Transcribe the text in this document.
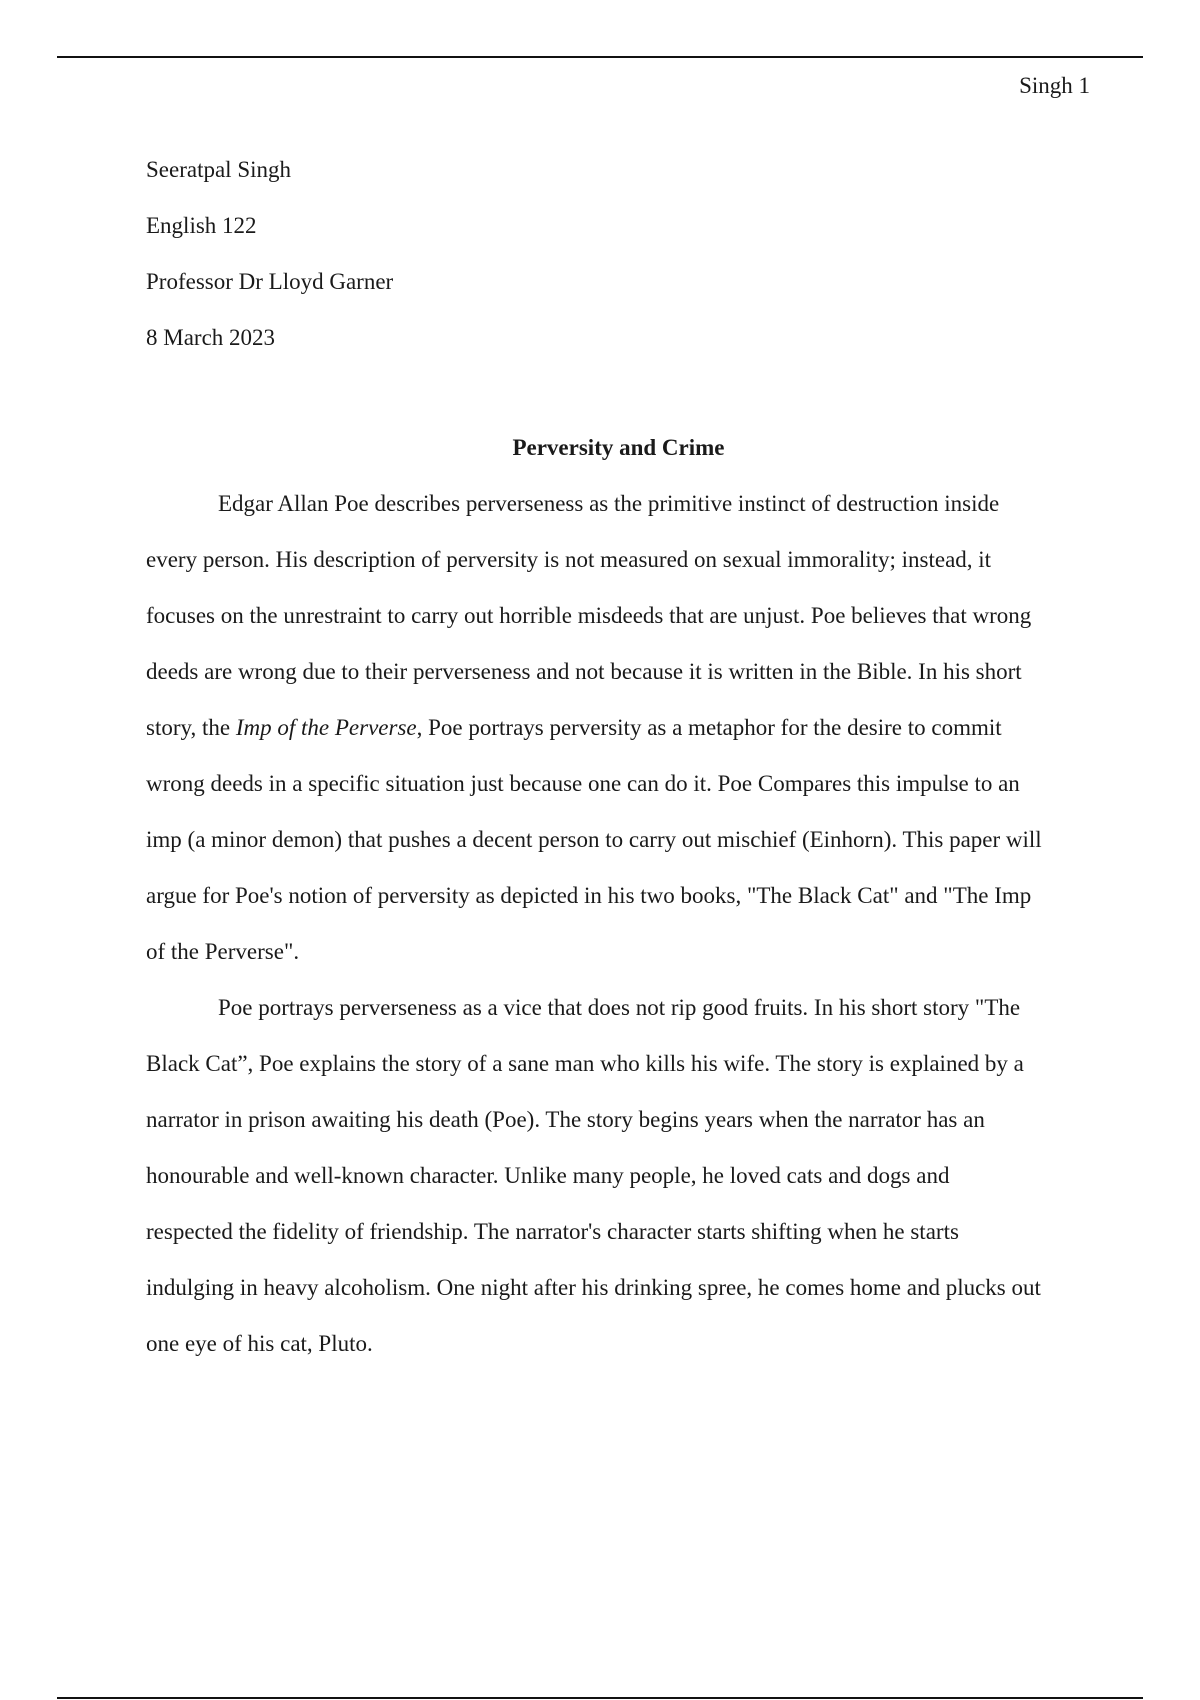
Singh 1

Seeratpal Singh

English 122

Professor Dr Lloyd Garner

8 March 2023

Perversity and Crime
Edgar Allan Poe describes perverseness as the primitive instinct of destruction inside
every person. His description of perversity is not measured on sexual immorality; instead, it
focuses on the unrestraint to carry out horrible misdeeds that are unjust. Poe believes that wrong
deeds are wrong due to their perverseness and not because it is written in the Bible. In his short
story, the Imp of the Perverse, Poe portrays perversity as a metaphor for the desire to commit
wrong deeds in a specific situation just because one can do it. Poe Compares this impulse to an
imp (a minor demon) that pushes a decent person to carry out mischief (Einhorn). This paper will
argue for Poe's notion of perversity as depicted in his two books, "The Black Cat" and "The Imp
of the Perverse".
Poe portrays perverseness as a vice that does not rip good fruits. In his short story "The
Black Cat”, Poe explains the story of a sane man who kills his wife. The story is explained by a
narrator in prison awaiting his death (Poe). The story begins years when the narrator has an
honourable and well-known character. Unlike many people, he loved cats and dogs and
respected the fidelity of friendship. The narrator's character starts shifting when he starts
indulging in heavy alcoholism. One night after his drinking spree, he comes home and plucks out
one eye of his cat, Pluto.
